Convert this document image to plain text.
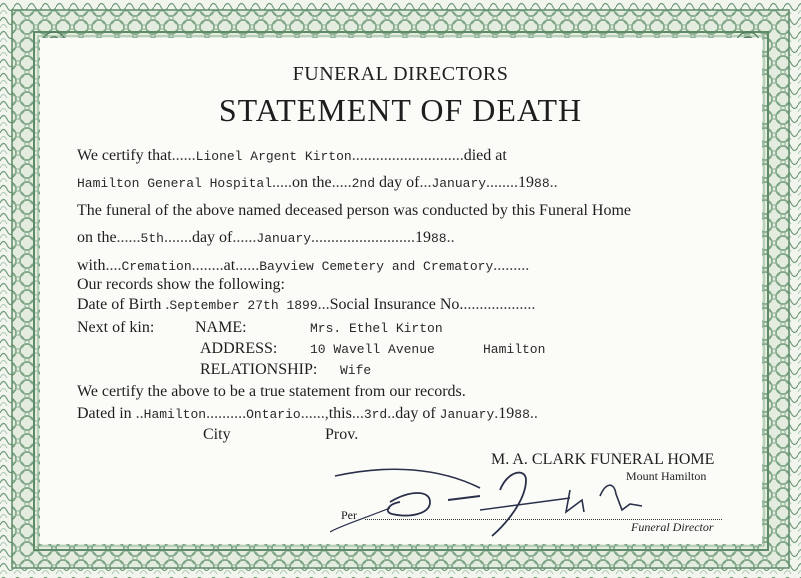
FUNERAL DIRECTORS
STATEMENT OF DEATH
We certify that......Lionel Argent Kirton............................died at
Hamilton General Hospital.....on the.....2nd day of...January........1988..
The funeral of the above named deceased person was conducted by this Funeral Home
on the......5th.......day of......January..........................1988..
with....Cremation........at......Bayview Cemetery and Crematory.........
Our records show the following:
Date of Birth .September 27th 1899...Social Insurance No...................
Next of kin:	NAME:	Mrs. Ethel Kirton
ADDRESS:	10 Wavell Avenue	Hamilton
RELATIONSHIP: Wife
We certify the above to be a true statement from our records.
Dated in ..Hamilton..........Ontario......,this...3rd..day of January.1988..
City	Prov.
M. A. CLARK FUNERAL HOME
Mount Hamilton
Per
Funeral Director
